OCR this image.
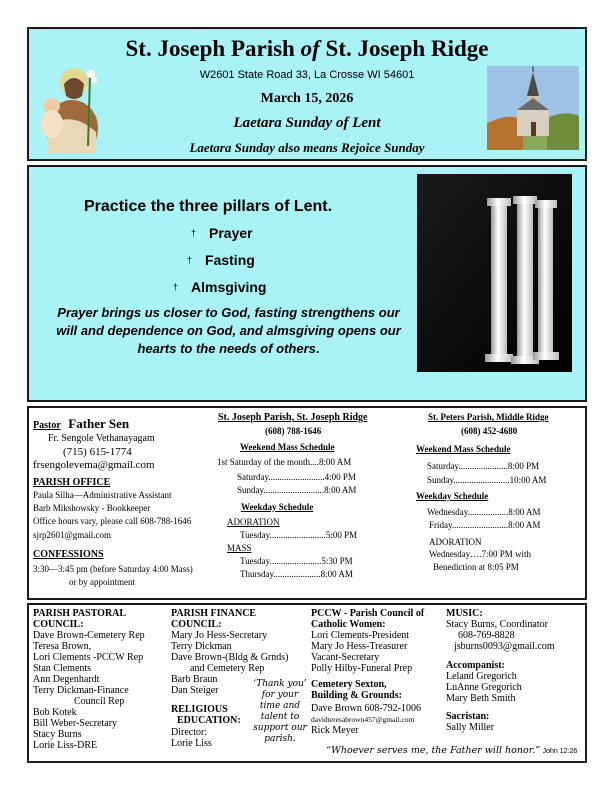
St. Joseph Parish of St. Joseph Ridge
W2601 State Road 33, La Crosse WI 54601
March 15, 2026
Laetara Sunday of Lent
Laetara Sunday also means Rejoice Sunday
Practice the three pillars of Lent.
† Prayer
† Fasting
† Almsgiving
Prayer brings us closer to God, fasting strengthens our
will and dependence on God, and almsgiving opens our
hearts to the needs of others.
Pastor Father Sen
Fr. Sengole Vethanayagam
(715) 615-1774
frsengolevema@gmail.com
PARISH OFFICE
Paula Silha—Administrative Assistant
Barb Mikshowsky - Bookkeeper
Office hours vary, please call 608-788-1646
sjrp2601@gmail.com
CONFESSIONS
3:30—3:45 pm (before Saturday 4:00 Mass)
or by appointment
St. Joseph Parish, St. Joseph Ridge
(608) 788-1646
Weekend Mass Schedule
1st Saturday of the month....8:00 AM
Saturday.........................4:00 PM
Sunday...........................8:00 AM
Weekday Schedule
ADORATION
Tuesday.........................5:00 PM
MASS
Tuesday.......................5:30 PM
Thursday.....................8:00 AM
St. Peters Parish, Middle Ridge
(608) 452-4680
Weekend Mass Schedule
Saturday......................8:00 PM
Sunday.........................10:00 AM
Weekday Schedule
Wednesday..................8:00 AM
Friday.........................8:00 AM
ADORATION
Wednesday….7:00 PM with
Benediction at 8:05 PM
PARISH PASTORAL
COUNCIL:
Dave Brown-Cemetery Rep
Teresa Brown,
Lori Clements -PCCW Rep
Stan Clements
Ann Degenhardt
Terry Dickman-Finance
Council Rep
Bob Kotek
Bill Weber-Secretary
Stacy Burns
Lorie Liss-DRE
PARISH FINANCE
COUNCIL:
Mary Jo Hess-Secretary
Terry Dickman
Dave Brown-(Bldg & Grnds)
and Cemetery Rep
Barb Braun
Dan Steiger
RELIGIOUS
EDUCATION:
Director:
Lorie Liss
‘Thank you’
for your
time and
talent to
support our
parish.
PCCW - Parish Council of
Catholic Women:
Lori Clements-President
Mary Jo Hess-Treasurer
Vacant-Secretary
Polly Hilby-Funeral Prep
Cemetery Sexton,
Building & Grounds:
Dave Brown 608-792-1006
davidteresabrown457@gmail.com
Rick Meyer
MUSIC:
Stacy Burns, Coordinator
608-769-8828
jsburns0093@gmail.com
Accompanist:
Leland Gregorich
LuAnne Gregorich
Mary Beth Smith
Sacristan:
Sally Miller
“Whoever serves me, the Father will honor.” John 12:26
